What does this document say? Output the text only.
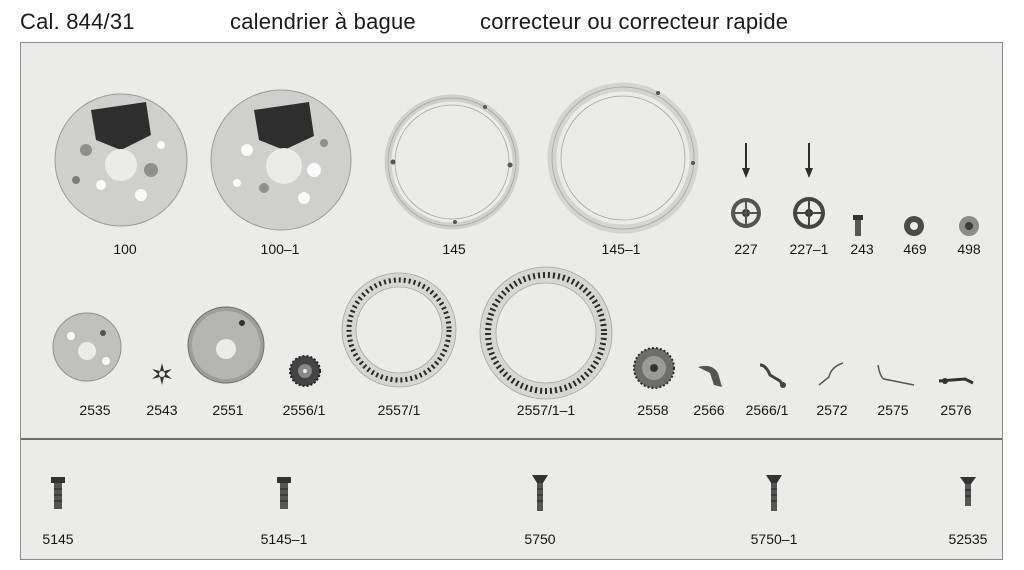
Cal. 844/31	calendrier à bague	correcteur ou correcteur rapide
100	100–1	145	145–1	227 227–1 243 469 498
2535	2543 2551	2556/1	2557/1	2557/1–1	2558 2566 2566/1 2572 2575 2576
5145	5145–1	5750	5750–1	52535
